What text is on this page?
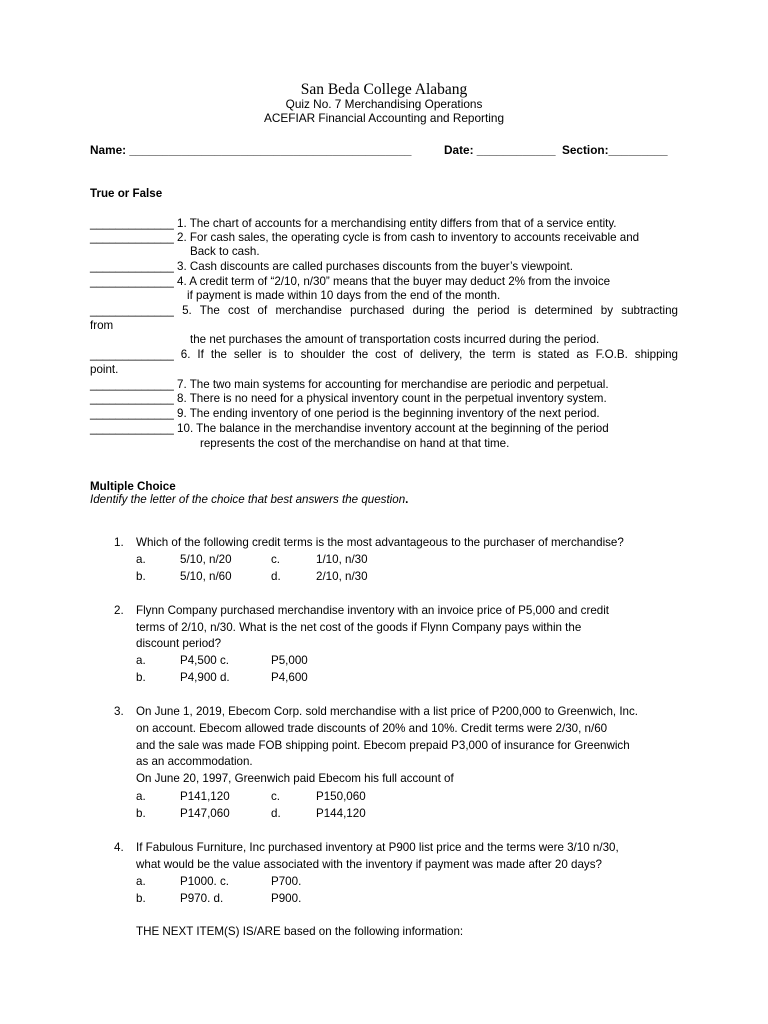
San Beda College Alabang
Quiz No. 7 Merchandising Operations
ACEFIAR Financial Accounting and Reporting
Name: ___________________________________________	Date: ____________ Section:_________
True or False
_____________ 1. The chart of accounts for a merchandising entity differs from that of a service entity.
_____________ 2. For cash sales, the operating cycle is from cash to inventory to accounts receivable and
Back to cash.
_____________ 3. Cash discounts are called purchases discounts from the buyer’s viewpoint.
_____________ 4. A credit term of “2/10, n/30” means that the buyer may deduct 2% from the invoice
if payment is made within 10 days from the end of the month.
_____________ 5. The cost of merchandise purchased during the period is determined by subtracting
from
the net purchases the amount of transportation costs incurred during the period.
_____________ 6. If the seller is to shoulder the cost of delivery, the term is stated as F.O.B. shipping
point.
_____________ 7. The two main systems for accounting for merchandise are periodic and perpetual.
_____________ 8. There is no need for a physical inventory count in the perpetual inventory system.
_____________ 9. The ending inventory of one period is the beginning inventory of the next period.
_____________ 10. The balance in the merchandise inventory account at the beginning of the period
represents the cost of the merchandise on hand at that time.
Multiple Choice
Identify the letter of the choice that best answers the question.
1. Which of the following credit terms is the most advantageous to the purchaser of merchandise?
a.	5/10, n/20	c.	1/10, n/30
b.	5/10, n/60	d.	2/10, n/30
2. Flynn Company purchased merchandise inventory with an invoice price of P5,000 and credit
terms of 2/10, n/30. What is the net cost of the goods if Flynn Company pays within the
discount period?
a.	P4,500 c.	P5,000
b.	P4,900 d.	P4,600
3. On June 1, 2019, Ebecom Corp. sold merchandise with a list price of P200,000 to Greenwich, Inc.
on account. Ebecom allowed trade discounts of 20% and 10%. Credit terms were 2/30, n/60
and the sale was made FOB shipping point. Ebecom prepaid P3,000 of insurance for Greenwich
as an accommodation.
On June 20, 1997, Greenwich paid Ebecom his full account of
a.	P141,120	c.	P150,060
b.	P147,060	d.	P144,120
4. If Fabulous Furniture, Inc purchased inventory at P900 list price and the terms were 3/10 n/30,
what would be the value associated with the inventory if payment was made after 20 days?
a.	P1000. c.	P700.
b.	P970. d.	P900.
THE NEXT ITEM(S) IS/ARE based on the following information:
